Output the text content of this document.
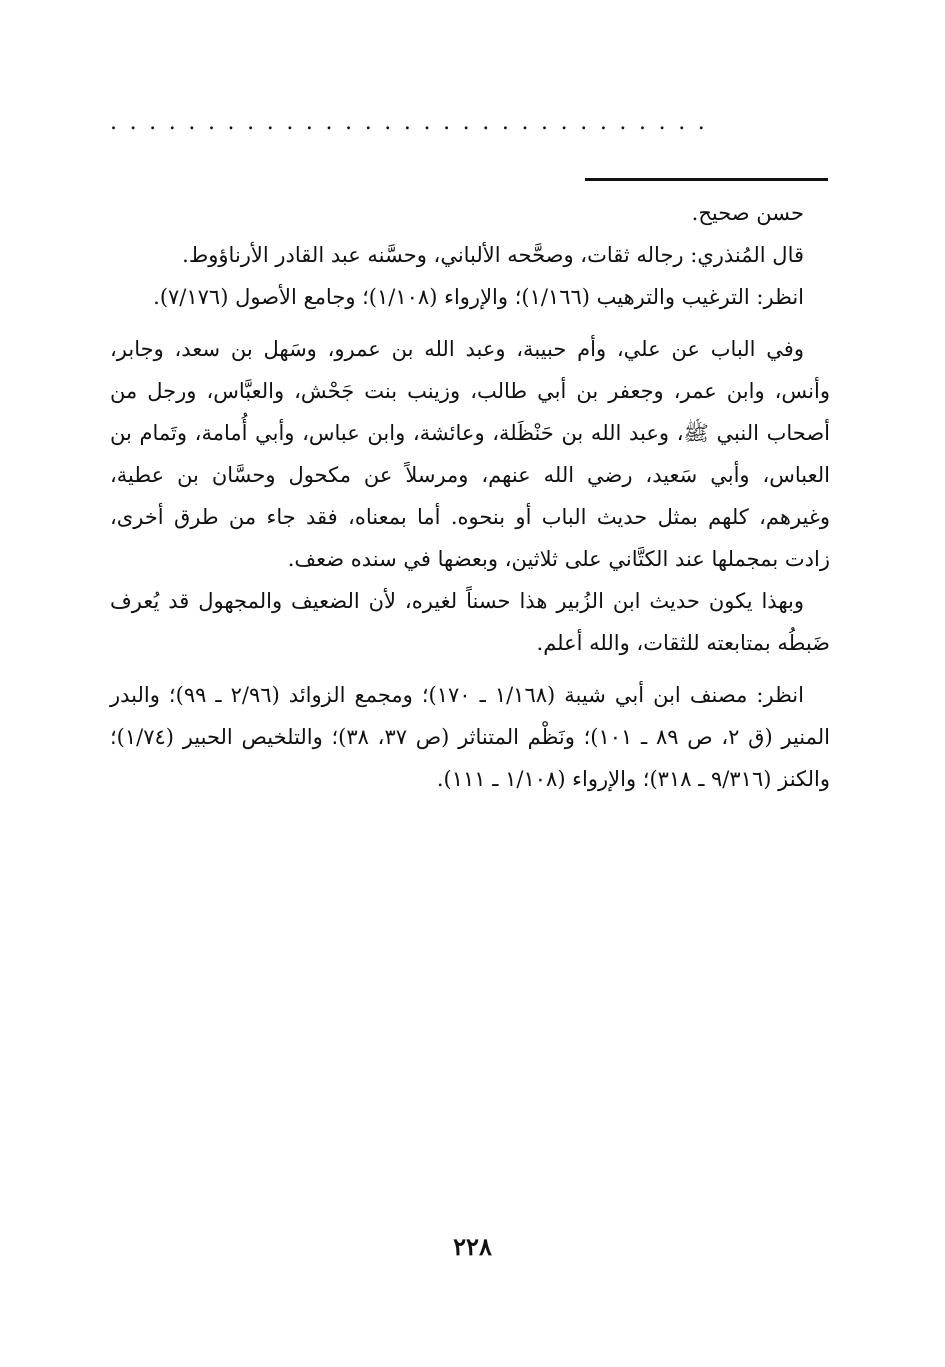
...............................

حسن صحيح.

قال المُنذري: رجاله ثقات، وصحَّحه الألباني، وحسَّنه عبد القادر الأرناؤوط.

انظر: الترغيب والترهيب (١/١٦٦)؛ والإرواء (١/١٠٨)؛ وجامع الأصول (٧/١٧٦).

وفي الباب عن علي، وأم حبيبة، وعبد الله بن عمرو، وسَهل بن سعد، وجابر، وأنس، وابن عمر، وجعفر بن أبي طالب، وزينب بنت جَحْش، والعبَّاس، ورجل من أصحاب النبي ﷺ، وعبد الله بن حَنْظَلة، وعائشة، وابن عباس، وأبي أُمامة، وتَمام بن العباس، وأبي سَعيد، رضي الله عنهم، ومرسلاً عن مكحول وحسَّان بن عطية، وغيرهم، كلهم بمثل حديث الباب أو بنحوه. أما بمعناه، فقد جاء من طرق أخرى، زادت بمجملها عند الكتَّاني على ثلاثين، وبعضها في سنده ضعف.

وبهذا يكون حديث ابن الزُبير هذا حسناً لغيره، لأن الضعيف والمجهول قد يُعرف ضَبطُه بمتابعته للثقات، والله أعلم.

انظر: مصنف ابن أبي شيبة (١/١٦٨ ـ ١٧٠)؛ ومجمع الزوائد (٢/٩٦ ـ ٩٩)؛ والبدر المنير (ق ٢، ص ٨٩ ـ ١٠١)؛ ونَظْم المتناثر (ص ٣٧، ٣٨)؛ والتلخيص الحبير (١/٧٤)؛ والكنز (٩/٣١٦ ـ ٣١٨)؛ والإرواء (١/١٠٨ ـ ١١١).

٢٢٨
